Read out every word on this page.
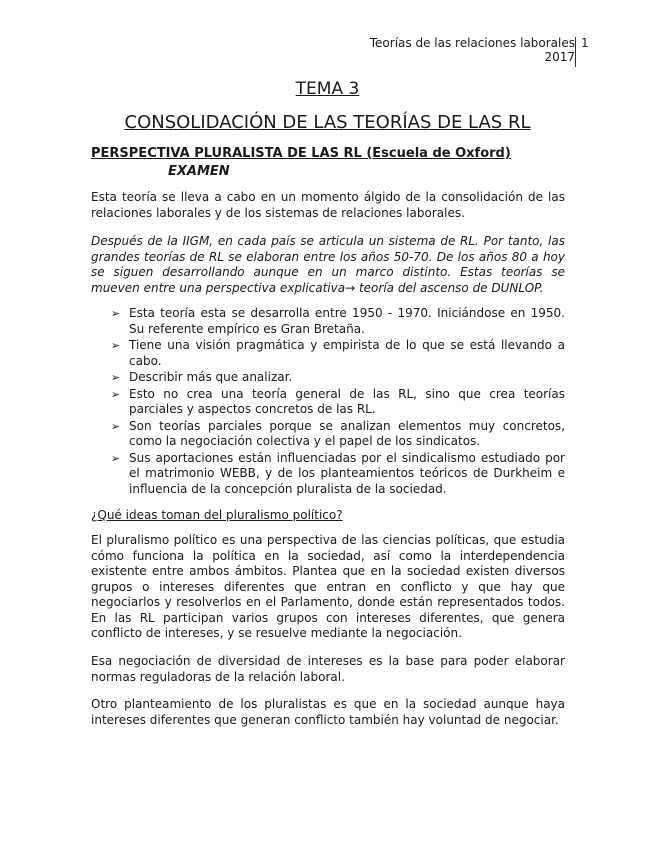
Teorías de las relaciones laborales
2017
1
TEMA 3
CONSOLIDACIÓN DE LAS TEORÍAS DE LAS RL
PERSPECTIVA PLURALISTA DE LAS RL (Escuela de Oxford)
EXAMEN

Esta teoría se lleva a cabo en un momento álgido de la consolidación de las relaciones laborales y de los sistemas de relaciones laborales.

Después de la IIGM, en cada país se articula un sistema de RL. Por tanto, las grandes teorías de RL se elaboran entre los años 50-70. De los años 80 a hoy se siguen desarrollando aunque en un marco distinto. Estas teorías se mueven entre una perspectiva explicativa→ teoría del ascenso de DUNLOP.

➢ Esta teoría esta se desarrolla entre 1950 - 1970. Iniciándose en 1950. Su referente empírico es Gran Bretaña.
➢ Tiene una visión pragmática y empirista de lo que se está llevando a cabo.
➢ Describir más que analizar.
➢ Esto no crea una teoría general de las RL, sino que crea teorías parciales y aspectos concretos de las RL.
➢ Son teorías parciales porque se analizan elementos muy concretos, como la negociación colectiva y el papel de los sindicatos.
➢ Sus aportaciones están influenciadas por el sindicalismo estudiado por el matrimonio WEBB, y de los planteamientos teóricos de Durkheim e influencia de la concepción pluralista de la sociedad.
¿Qué ideas toman del pluralismo político?

El pluralismo político es una perspectiva de las ciencias políticas, que estudia cómo funciona la política en la sociedad, así como la interdependencia existente entre ambos ámbitos. Plantea que en la sociedad existen diversos grupos o intereses diferentes que entran en conflicto y que hay que negociarlos y resolverlos en el Parlamento, donde están representados todos. En las RL participan varios grupos con intereses diferentes, que genera conflicto de intereses, y se resuelve mediante la negociación.

Esa negociación de diversidad de intereses es la base para poder elaborar normas reguladoras de la relación laboral.

Otro planteamiento de los pluralistas es que en la sociedad aunque haya intereses diferentes que generan conflicto también hay voluntad de negociar.
